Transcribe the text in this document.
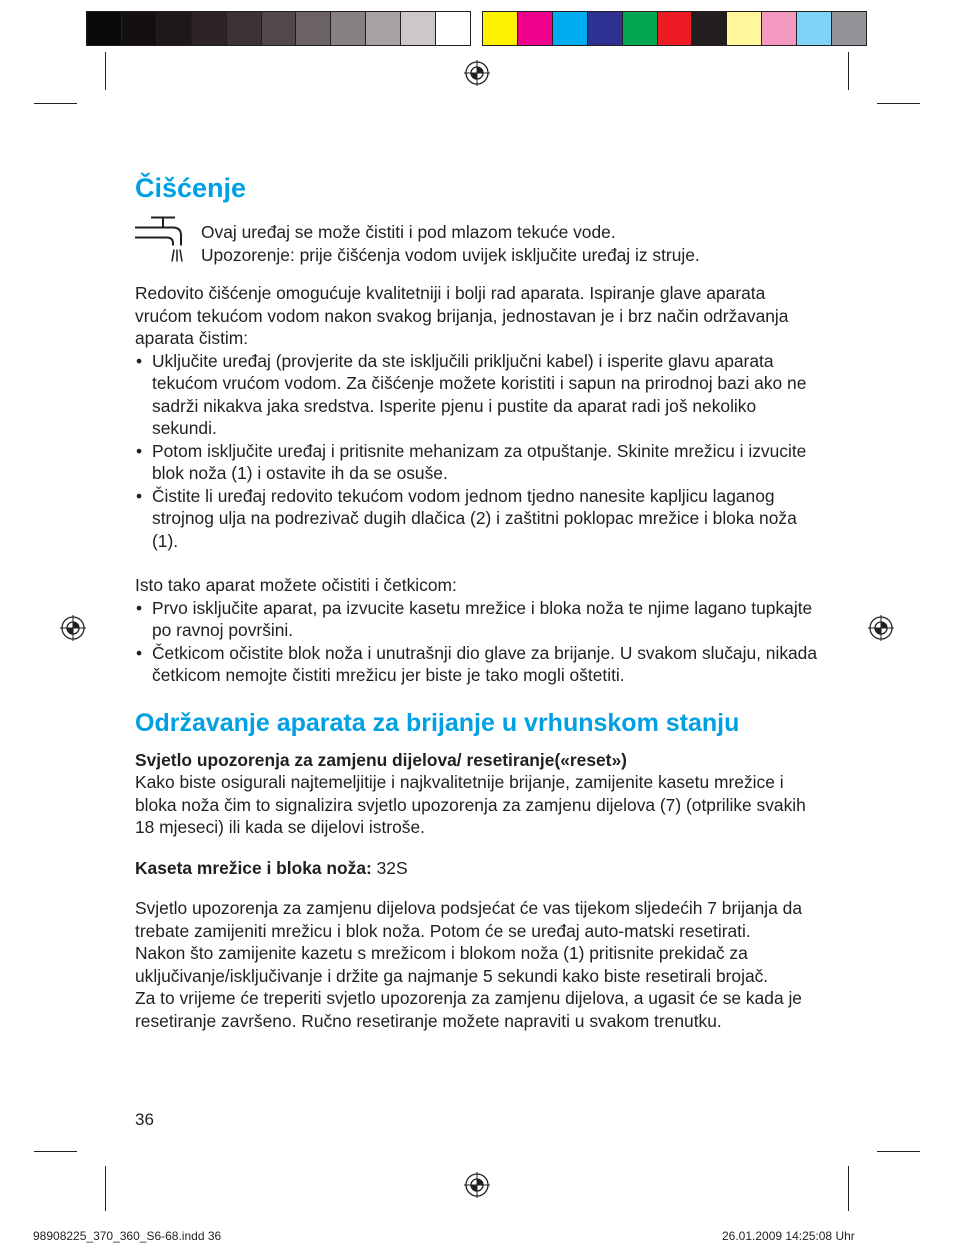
Čišćenje

Ovaj uređaj se može čistiti i pod mlazom tekuće vode.

Upozorenje: prije čišćenja vodom uvijek isključite uređaj iz struje.

Redovito čišćenje omogućuje kvalitetniji i bolji rad aparata. Ispiranje glave aparata vrućom tekućom vodom nakon svakog brijanja, jednostavan je i brz način održavanja aparata čistim:

• Uključite uređaj (provjerite da ste isključili priključni kabel) i isperite glavu aparata tekućom vrućom vodom. Za čišćenje možete koristiti i sapun na prirodnoj bazi ako ne sadrži nikakva jaka sredstva. Isperite pjenu i pustite da aparat radi još nekoliko sekundi.
• Potom isključite uređaj i pritisnite mehanizam za otpuštanje. Skinite mrežicu i izvucite blok noža (1) i ostavite ih da se osuše.
• Čistite li uređaj redovito tekućom vodom jednom tjedno nanesite kapljicu laganog strojnog ulja na podrezivač dugih dlačica (2) i zaštitni poklopac mrežice i bloka noža (1).

Isto tako aparat možete očistiti i četkicom:

• Prvo isključite aparat, pa izvucite kasetu mrežice i bloka noža te njime lagano tupkajte po ravnoj površini.
• Četkicom očistite blok noža i unutrašnji dio glave za brijanje. U svakom slučaju, nikada četkicom nemojte čistiti mrežicu jer biste je tako mogli oštetiti.
Održavanje aparata za brijanje u vrhunskom stanju

Svjetlo upozorenja za zamjenu dijelova/ resetiranje(«reset»)

Kako biste osigurali najtemeljitije i najkvalitetnije brijanje, zamijenite kasetu mrežice i bloka noža čim to signalizira svjetlo upozorenja za zamjenu dijelova (7) (otprilike svakih 18 mjeseci) ili kada se dijelovi istroše.

Kaseta mrežice i bloka noža: 32S

Svjetlo upozorenja za zamjenu dijelova podsjećat će vas tijekom sljedećih 7 brijanja da trebate zamijeniti mrežicu i blok noža. Potom će se uređaj auto-matski resetirati.

Nakon što zamijenite kazetu s mrežicom i blokom noža (1) pritisnite prekidač za uključivanje/isključivanje i držite ga najmanje 5 sekundi kako biste resetirali brojač.

Za to vrijeme će treperiti svjetlo upozorenja za zamjenu dijelova, a ugasit će se kada je resetiranje završeno. Ručno resetiranje možete napraviti u svakom trenutku.

36
98908225_370_360_S6-68.indd 36	26.01.2009 14:25:08 Uhr
